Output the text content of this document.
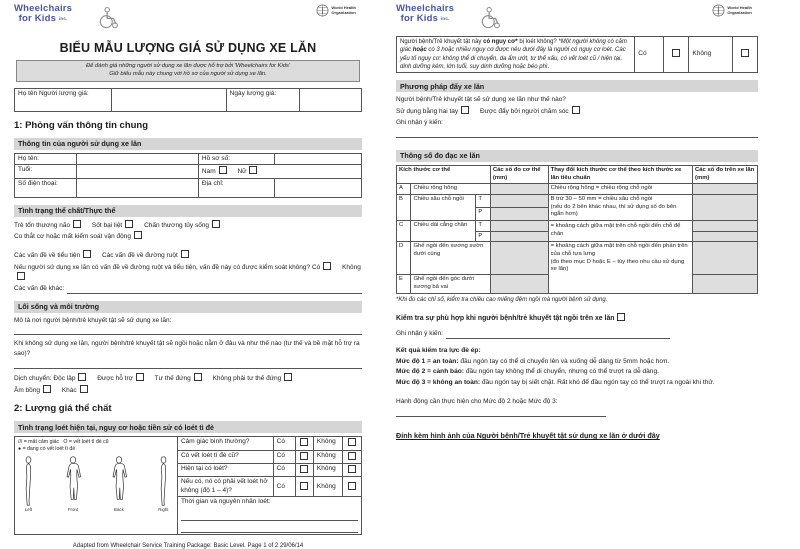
Wheelchairs
for Kids inc.
World Health
Organization
BIỂU MẪU LƯỢNG GIÁ SỬ DỤNG XE LĂN
Để đánh giá những người sử dụng xe lăn được hỗ trợ bởi 'Wheelchairs for Kids'
Giữ biểu mẫu này chung với hồ sơ của người sử dụng xe lăn.
Họ tên Người lượng giá:		Ngày lượng giá:	
1: Phỏng vấn thông tin chung
Thông tin của người sử dụng xe lăn
Họ tên:		Hồ sơ số:	
Tuổi:		Nam Nữ	
Số điện thoại:		Địa chỉ:	
Tình trạng thể chất/Thực thể
Trẻ tổn thương não	Sốt bại liệt	Chấn thương tủy sống
Co thắt cơ hoặc mất kiểm soát vận động
Các vấn đề về tiểu tiện	Các vấn đề về đường ruột
Nếu người sử dụng xe lăn có vấn đề về đường ruột và tiểu tiện, vấn đề này có được kiểm soát không? Có	Không
Các vấn đề khác:
Lối sống và môi trường
Mô tả nơi người bệnh/trẻ khuyết tật sẽ sử dụng xe lăn:
Khi không sử dụng xe lăn, người bệnh/trẻ khuyết tật sẽ ngồi hoặc nằm ở đâu và như thế nào (tư thế và bề mặt hỗ trợ ra sao)?
Dịch chuyển: Độc lập	Được hỗ trợ	Tư thế đứng	Không phải tư thế đứng
Ẵm bồng	Khác
2: Lượng giá thể chất
Tình trạng loét hiện tại, nguy cơ hoặc tiền sử có loét tì đè
/// = mất cảm giác O = vết loét tì đè cũ
● = đang có vết loét tì đè
Left	Front	Back	Right
Cảm giác bình thường?	Có		Không	
Có vết loét tì đè cũ?	Có		Không	
Hiện tại có loét?	Có		Không	
Nếu có, nó có phải vết loét hở không (độ 1 – 4)?	Có		Không	
Thời gian và nguyên nhân loét:				
Adapted from Wheelchair Service Training Package: Basic Level. Page 1 of 2 29/06/14
Wheelchairs
for Kids inc.
World Health
Organization
Người bệnh/Trẻ khuyết tật này có nguy cơ* bị loét không? *Một người không có cảm giác hoặc có 3 hoặc nhiều nguy cơ được nêu dưới đây là người có nguy cơ loét. Các yếu tố nguy cơ: không thể di chuyển, da ẩm ướt, tư thế xấu, có vết loét cũ / hiện tại, dinh dưỡng kém, lớn tuổi, suy dinh dưỡng hoặc béo phì.	Có		Không	
Phương pháp đẩy xe lăn
Người bệnh/Trẻ khuyết tật sẽ sử dụng xe lăn như thế nào?
Sử dụng bằng hai tay	Được đẩy bởi người chăm sóc
Ghi nhận ý kiến:
Thông số đo đạc xe lăn
Kích thước cơ thể			Các số đo cơ thể (mm)	Thay đổi kích thước cơ thể theo kích thước xe lăn tiêu chuẩn	Các số đo trên xe lăn (mm)
A	Chiều rộng hông			Chiều rộng hông = chiều rộng chỗ ngồi	
B	Chiều sâu chỗ ngồi	T		B trừ 30 – 50 mm = chiều sâu chỗ ngồi
(nếu đo 2 bên khác nhau, thì sử dụng số đo bên ngắn hơn)	
		P			
C	Chiều dài cẳng chân	T		= khoảng cách giữa mặt trên chỗ ngồi đến chỗ để chân	
		P			
D	Ghế ngồi đến xương sườn dưới cùng			= khoảng cách giữa mặt trên chỗ ngồi đến phần trên của chỗ tựa lưng
(đo theo mục D hoặc E – tùy theo nhu cầu sử dụng xe lăn)	
E	Ghế ngồi đến góc dưới xương bả vai				
*Khi đo các chỉ số, kiểm tra chiều cao miếng đệm ngồi mà người bệnh sử dụng.
Kiểm tra sự phù hợp khi người bệnh/trẻ khuyết tật ngồi trên xe lăn
Ghi nhận ý kiến:
Kết quả kiểm tra lực đè ép:
Mức độ 1 = an toàn: đầu ngón tay có thể di chuyển lên và xuống dễ dàng từ 5mm hoặc hơn.
Mức độ 2 = cảnh báo: đầu ngón tay không thể di chuyển, nhưng có thể trượt ra dễ dàng.
Mức độ 3 = không an toàn: đầu ngón tay bị siết chặt. Rất khó để đầu ngón tay có thể trượt ra ngoài khi thử.
Hành động cần thực hiện cho Mức độ 2 hoặc Mức độ 3:
Đính kèm hình ảnh của Người bệnh/Trẻ khuyết tật sử dụng xe lăn ở dưới đây
